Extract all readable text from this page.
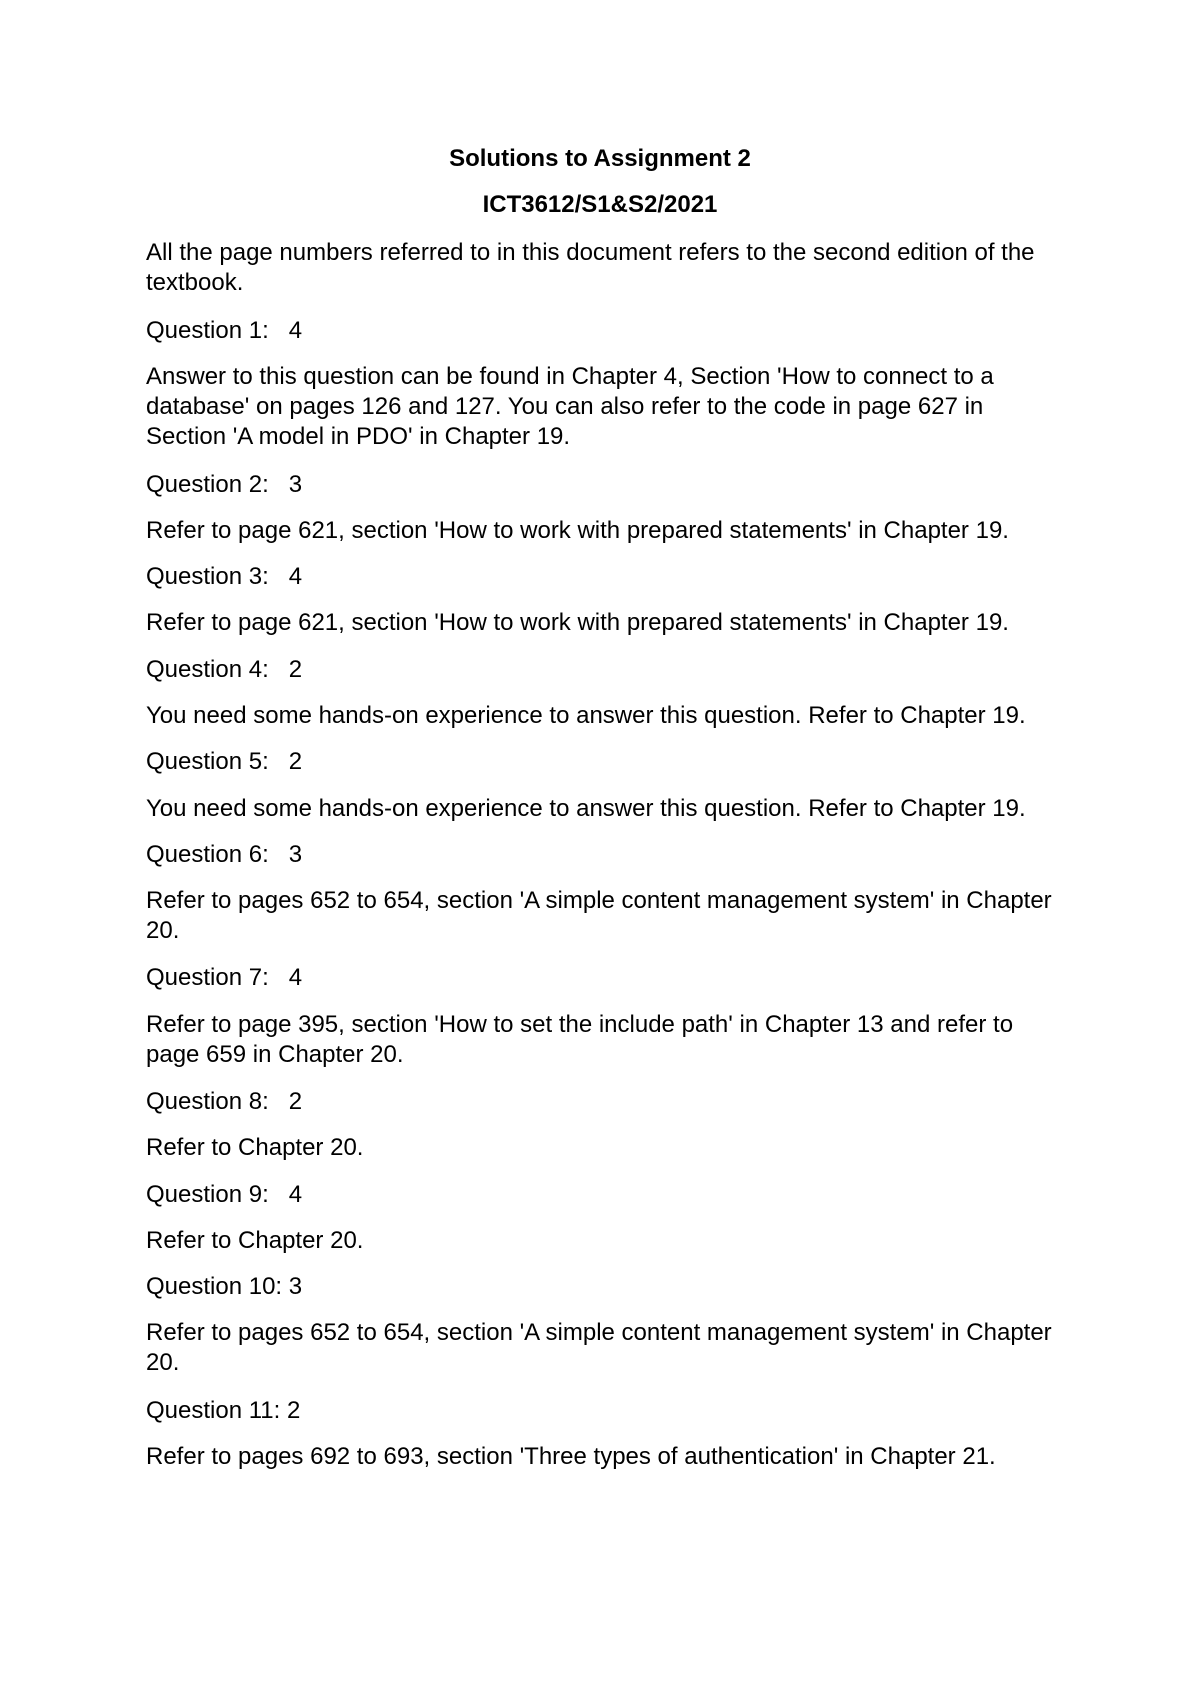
Solutions to Assignment 2
ICT3612/S1&S2/2021

All the page numbers referred to in this document refers to the second edition of the textbook.

Question 1:   4

Answer to this question can be found in Chapter 4, Section 'How to connect to a database' on pages 126 and 127. You can also refer to the code in page 627 in Section 'A model in PDO' in Chapter 19.

Question 2:   3

Refer to page 621, section 'How to work with prepared statements' in Chapter 19.

Question 3:   4

Refer to page 621, section 'How to work with prepared statements' in Chapter 19.

Question 4:   2

You need some hands-on experience to answer this question. Refer to Chapter 19.

Question 5:   2

You need some hands-on experience to answer this question. Refer to Chapter 19.

Question 6:   3

Refer to pages 652 to 654, section 'A simple content management system' in Chapter 20.

Question 7:   4

Refer to page 395, section 'How to set the include path' in Chapter 13 and refer to page 659 in Chapter 20.

Question 8:   2

Refer to Chapter 20.

Question 9:   4

Refer to Chapter 20.

Question 10: 3

Refer to pages 652 to 654, section 'A simple content management system' in Chapter 20.

Question 11: 2

Refer to pages 692 to 693, section 'Three types of authentication' in Chapter 21.
